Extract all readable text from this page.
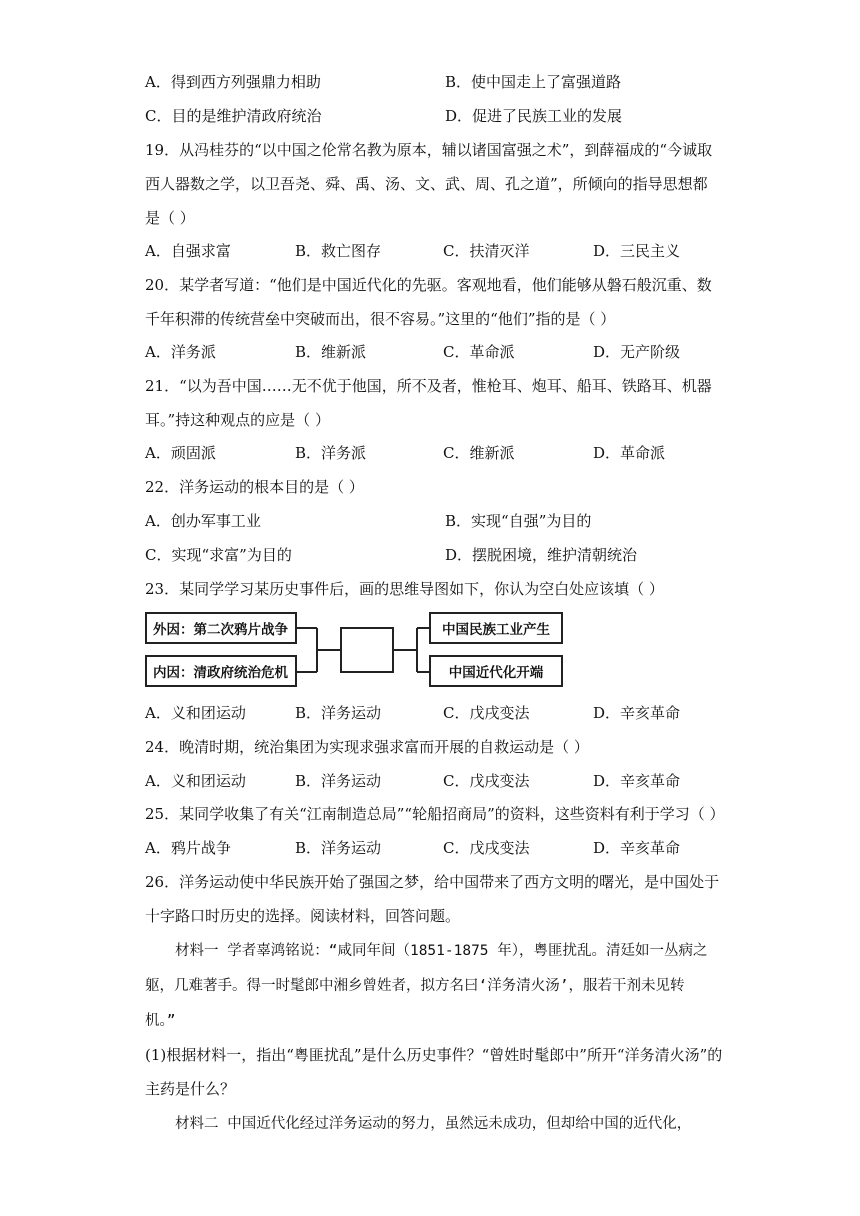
A．得到西方列强鼎力相助	B．使中国走上了富强道路
C．目的是维护清政府统治	D．促进了民族工业的发展
19．从冯桂芬的“以中国之伦常名教为原本，辅以诸国富强之术”，到薛福成的“今诚取
西人器数之学，以卫吾尧、舜、禹、汤、文、武、周、孔之道”，所倾向的指导思想都
是（ ）
A．自强求富	B．救亡图存	C．扶清灭洋	D．三民主义
20．某学者写道：“他们是中国近代化的先驱。客观地看，他们能够从磐石般沉重、数
千年积滞的传统营垒中突破而出，很不容易。”这里的“他们”指的是（ ）
A．洋务派	B．维新派	C．革命派	D．无产阶级
21．“以为吾中国……无不优于他国，所不及者，惟枪耳、炮耳、船耳、铁路耳、机器
耳。”持这种观点的应是（ ）
A．顽固派	B．洋务派	C．维新派	D．革命派
22．洋务运动的根本目的是（ ）
A．创办军事工业	B．实现“自强”为目的
C．实现“求富”为目的	D．摆脱困境，维护清朝统治
23．某同学学习某历史事件后，画的思维导图如下，你认为空白处应该填（ ）
外因：第二次鸦片战争
内因：清政府统治危机
中国民族工业产生
中国近代化开端
A．义和团运动	B．洋务运动	C．戊戌变法	D．辛亥革命
24．晚清时期，统治集团为实现求强求富而开展的自救运动是（ ）
A．义和团运动	B．洋务运动	C．戊戌变法	D．辛亥革命
25．某同学收集了有关“江南制造总局”“轮船招商局”的资料，这些资料有利于学习（ ）
A．鸦片战争	B．洋务运动	C．戊戌变法	D．辛亥革命
26．洋务运动使中华民族开始了强国之梦，给中国带来了西方文明的曙光，是中国处于
十字路口时历史的选择。阅读材料，回答问题。
材料一 学者辜鸿铭说：“咸同年间（1851-1875 年），粤匪扰乱。清廷如一丛病之
躯，几难著手。得一时髦郎中湘乡曾姓者，拟方名曰‘洋务清火汤’，服若干剂未见转
机。”
(1)根据材料一，指出“粤匪扰乱”是什么历史事件？“曾姓时髦郎中”所开“洋务清火汤”的
主药是什么？
材料二 中国近代化经过洋务运动的努力，虽然远未成功，但却给中国的近代化，
